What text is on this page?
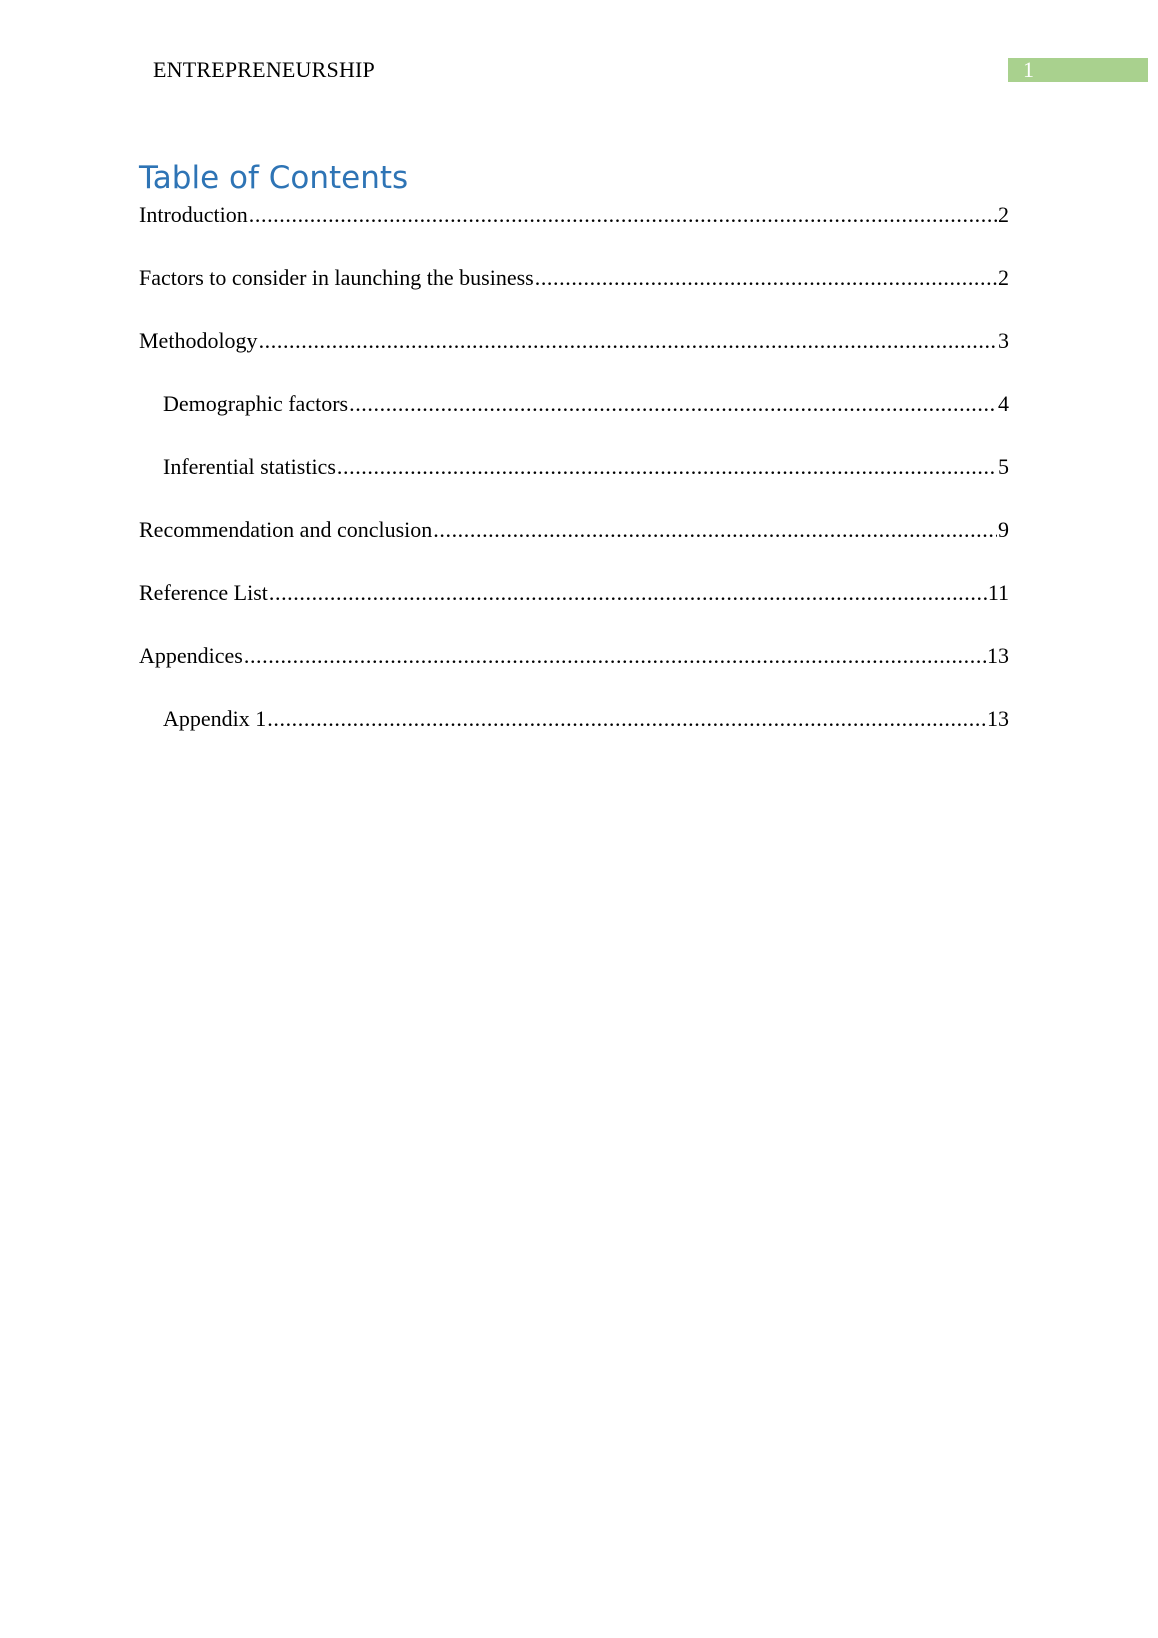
ENTREPRENEURSHIP	1
Table of Contents
Introduction .....	2
Factors to consider in launching the business .....	2
Methodology .....	3
Demographic factors .....	4
Inferential statistics .....	5
Recommendation and conclusion .....	9
Reference List .....	11
Appendices .....	13
Appendix 1 .....	13
